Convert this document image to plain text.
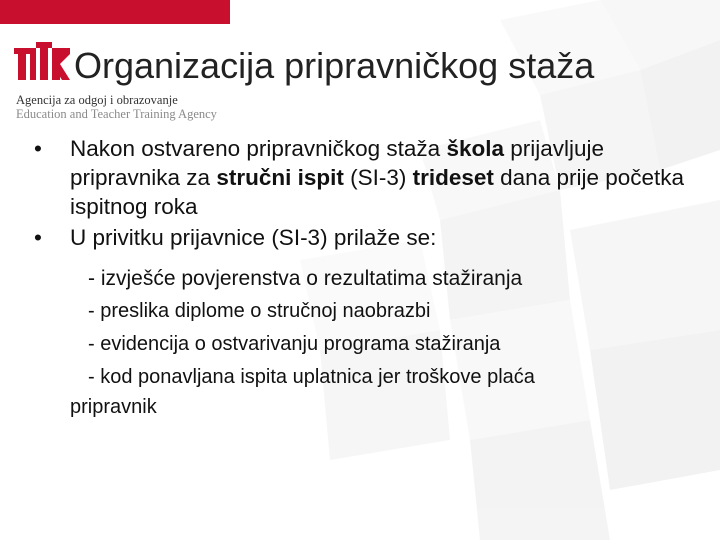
Organizacija pripravničkog staža
Agencija za odgoj i obrazovanje
Education and Teacher Training Agency
• Nakon ostvareno pripravničkog staža škola prijavljuje pripravnika za stručni ispit (SI-3) trideset dana prije početka ispitnog roka
• U privitku prijavnice (SI-3) prilaže se:
- izvješće povjerenstva o rezultatima stažiranja
- preslika diplome o stručnoj naobrazbi
- evidencija o ostvarivanju programa stažiranja
- kod ponavljana ispita uplatnica jer troškove plaća
pripravnik
